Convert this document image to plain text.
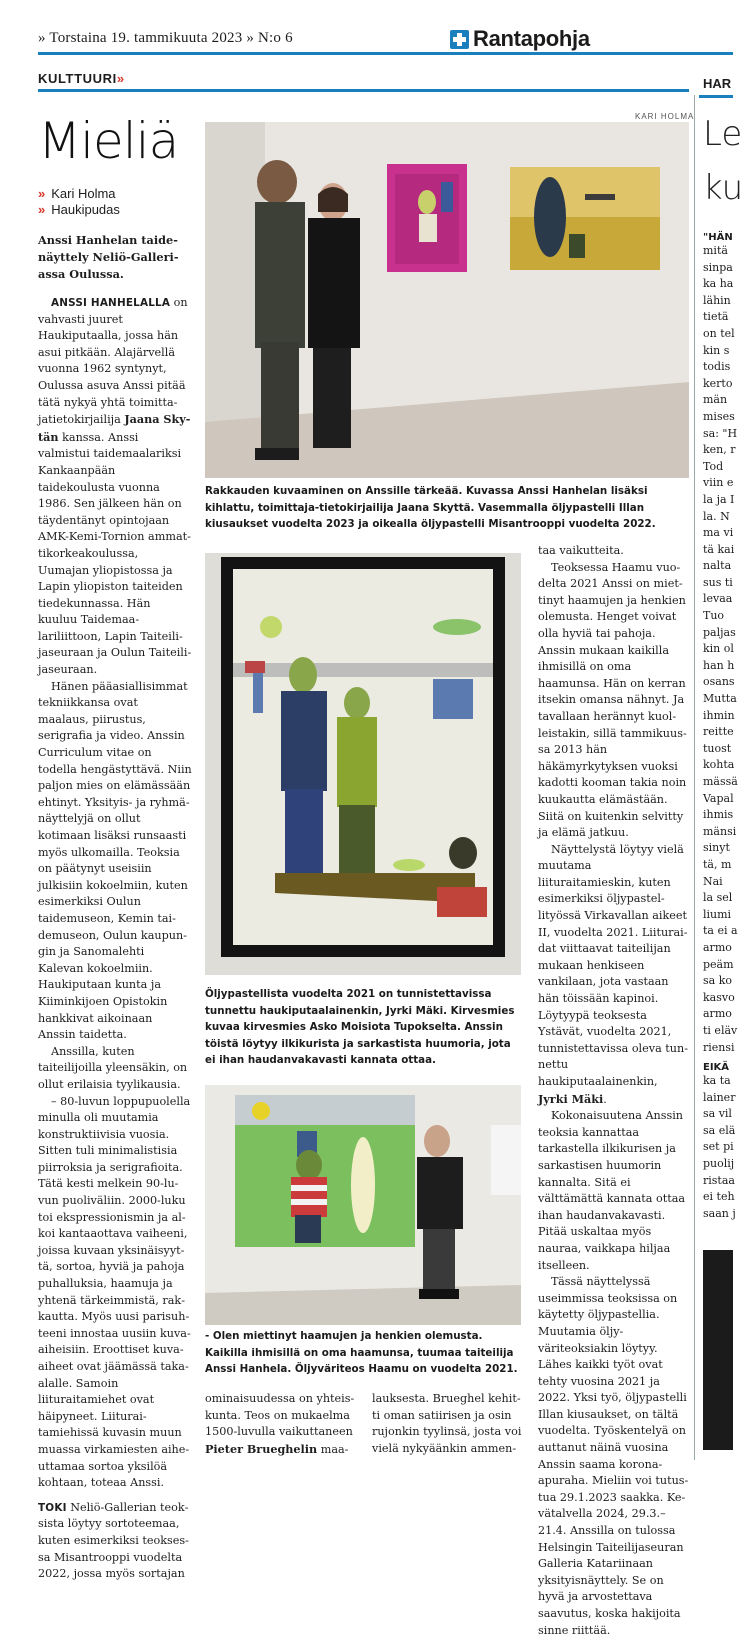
» Torstaina 19. tammikuuta 2023 » N:o 6	Rantapohja
KULTTUURI»	HAR
Mieliä
» Kari Holma
» Haukipudas
KARI HOLMA
Rakkauden kuvaaminen on Anssille tärkeää. Kuvassa Anssi Hanhelan lisäksi kihlattu, toimittaja-tietokirjailija Jaana Skyttä. Vasemmalla öljypastelli Illan kiusaukset vuodelta 2023 ja oikealla öljypastelli Misantrooppi vuodelta 2022.

Anssi Hanhelan taidenäyttely Neliö-Galleriassa Oulussa.

ANSSI HANHELALLA on vahvasti juuret Haukiputaalla, jossa hän asui pitkään. Alajärvellä vuonna 1962 syntynyt, Oulussa asuva Anssi pitää tätä nykyä yhtä toimittajatietokirjailija Jaana Skytän kanssa. Anssi valmistui taidemaalariksi Kankaanpään taidekoulusta vuonna 1986. Sen jälkeen hän on täydentänyt opintojaan AMK-Kemi-Tornion ammattikorkeakoulussa, Uumajan yliopistossa ja Lapin yliopiston taiteiden tiedekunnassa. Hän kuuluu Taidemaalariliittoon, Lapin Taiteilijaseuraan ja Oulun Taiteilijaseuraan.

Hänen pääasiallisimmat tekniikkansa ovat maalaus, piirustus, serigrafia ja video. Anssin Curriculum vitae on todella hengästyttävä. Niin paljon mies on elämässään ehtinyt. Yksityis- ja ryhmänäyttelyjä on ollut kotimaan lisäksi runsaasti myös ulkomailla. Teoksia on päätynyt useisiin julkisiin kokoelmiin, kuten esimerkiksi Oulun taidemuseon, Kemin taidemuseon, Oulun kaupungin ja Sanomalehti Kalevan kokoelmiin. Haukiputaan kunta ja Kiiminkijoen Opistokin hankkivat aikoinaan Anssin taidetta.

Anssilla, kuten taiteilijoilla yleensäkin, on ollut erilaisia tyylikausia.

– 80-luvun loppupuolella minulla oli muutamia konstruktiivisia vuosia. Sitten tuli minimalistisia piirroksia ja serigrafioita. Tätä kesti melkein 90-luvun puoliväliin. 2000-luku toi ekspressionismin ja alkoi kantaaottava vaiheeni, joissa kuvaan yksinäisyyttä, sortoa, hyviä ja pahoja puhalluksia, haamuja ja yhtenä tärkeimmistä, rakkautta. Myös uusi parisuhteeni innostaa uusiin kuvaaiheisiin. Eroottiset kuvaaiheet ovat jäämässä takaalalle. Samoin liituraitamiehet ovat häipyneet. Liituraitamiehissä kuvasin muun muassa virkamiesten aiheuttamaa sortoa yksilöä kohtaan, toteaa Anssi.

TOKI Neliö-Gallerian teoksista löytyy sortoteemaa, kuten esimerkiksi teoksessa Misantrooppi vuodelta 2022, jossa myös sortajan

Öljypastellista vuodelta 2021 on tunnistettavissa tunnettu haukiputaalainenkin, Jyrki Mäki. Kirvesmies kuvaa kirvesmies Asko Moisiota Tupokselta. Anssin töistä löytyy ilkikurista ja sarkastista huumoria, jota ei ihan haudanvakavasti kannata ottaa.
- Olen miettinyt haamujen ja henkien olemusta. Kaikilla ihmisillä on oma haamunsa, tuumaa taiteilija Anssi Hanhela. Öljyväriteos Haamu on vuodelta 2021.

ominaisuudessa on yhteiskunta. Teos on mukaelma 1500-luvulla vaikuttaneen Pieter Brueghelin maa-

lauksesta. Brueghel kehitti oman satiirisen ja osin rujonkin tyylinsä, josta voi vielä nykyäänkin ammen-

taa vaikutteita.

Teoksessa Haamu vuodelta 2021 Anssi on miettinyt haamujen ja henkien olemusta. Henget voivat olla hyviä tai pahoja. Anssin mukaan kaikilla ihmisillä on oma haamunsa. Hän on kerran itsekin omansa nähnyt. Ja tavallaan herännyt kuolleistakin, sillä tammikuussa 2013 hän häkämyrkytyksen vuoksi kadotti kooman takia noin kuukautta elämästään. Siitä on kuitenkin selvitty ja elämä jatkuu.

Näyttelystä löytyy vielä muutama liituraitamieskin, kuten esimerkiksi öljypastellityössä Virkavallan aikeet II, vuodelta 2021. Liituraidat viittaavat taiteilijan mukaan henkiseen vankilaan, jota vastaan hän töissään kapinoi. Löytyypä teoksesta Ystävät, vuodelta 2021, tunnistettavissa oleva tunnettu haukiputaalainenkin, Jyrki Mäki.

Kokonaisuutena Anssin teoksia kannattaa tarkastella ilkikurisen ja sarkastisen huumorin kannalta. Sitä ei välttämättä kannata ottaa ihan haudanvakavasti. Pitää uskaltaa myös nauraa, vaikkapa hiljaa itselleen.

Tässä näyttelyssä useimmissa teoksissa on käytetty öljypastellia. Muutamia öljyväriteoksiakin löytyy. Lähes kaikki työt ovat tehty vuosina 2021 ja 2022. Yksi työ, öljypastelli Illan kiusaukset, on tältä vuodelta. Työskentelyä on auttanut näinä vuosina Anssin saama koronaapuraha. Mieliin voi tutustua 29.1.2023 saakka. Kevätalvella 2024, 29.3.–21.4. Anssilla on tulossa Helsingin Taiteilijaseuran Galleria Katariinaan yksityisnäyttely. Se on hyvä ja arvostettava saavutus, koska hakijoita sinne riittää.

Le
ku
"HÄN
mitä
sinpa
ka ha
lähin
tietä
on tel
kin s
todis
kerto
män
mises
sa: "H
ken, r
Tod
viin e
la ja I
la. N
ma vi
tä kai
nalta
sus ti
levaa
Tuo
paljas
kin ol
han h
osans
Mutta
ihmin
reitte
tuost
kohta
mässä
Vapal
ihmis
mänsi
sinyt
tä, m
Nai
la sel
liumi
ta ei a
armo
peäm
sa ko
kasvo
armo
ti eläv
riensi
EIKÄ
ka ta
lainer
sa vil
sa elä
set pi
puolij
ristaa
ei teh
saan j
